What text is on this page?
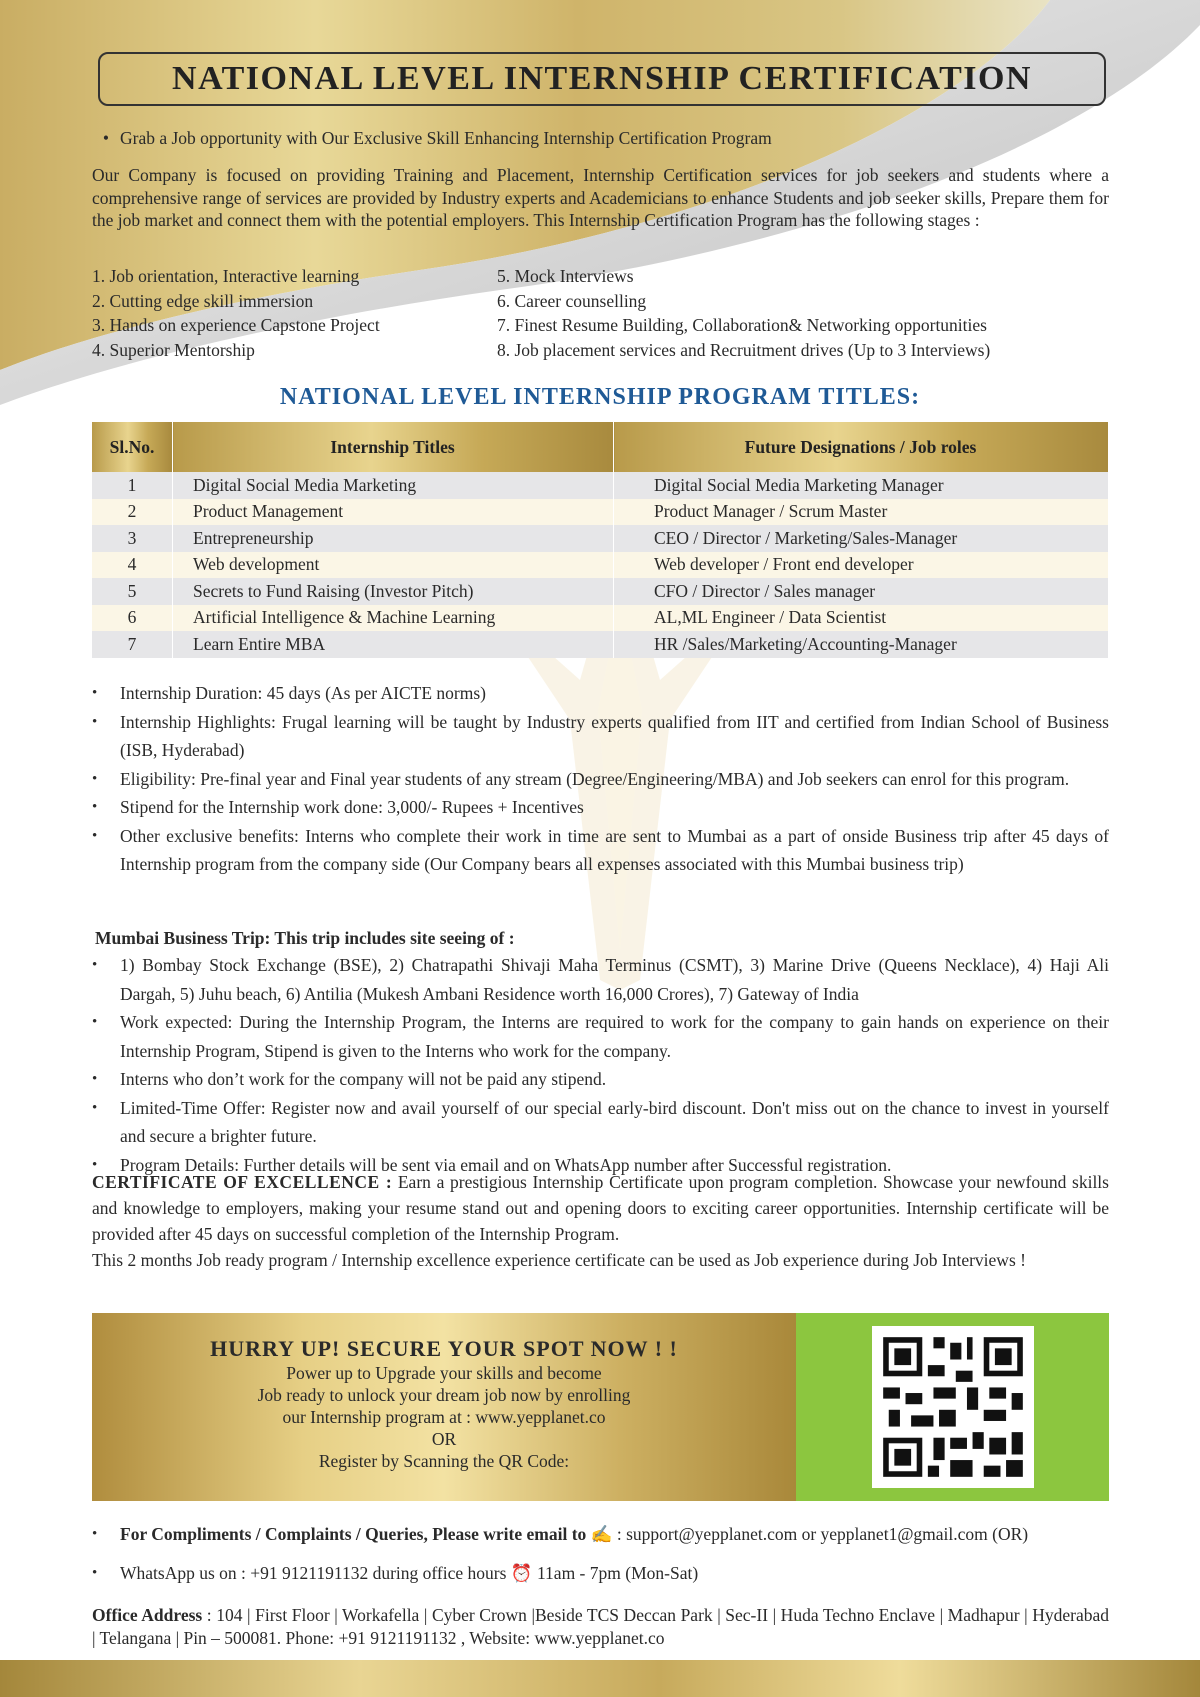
NATIONAL LEVEL INTERNSHIP CERTIFICATION
• Grab a Job opportunity with Our Exclusive Skill Enhancing Internship Certification Program
Our Company is focused on providing Training and Placement, Internship Certification services for job seekers and students where a comprehensive range of services are provided by Industry experts and Academicians to enhance Students and job seeker skills, Prepare them for the job market and connect them with the potential employers. This Internship Certification Program has the following stages :
1. Job orientation, Interactive learning
2. Cutting edge skill immersion
3. Hands on experience Capstone Project
4. Superior Mentorship
5. Mock Interviews
6. Career counselling
7. Finest Resume Building, Collaboration& Networking opportunities
8. Job placement services and Recruitment drives (Up to 3 Interviews)
NATIONAL LEVEL INTERNSHIP PROGRAM TITLES:
Sl.No.	Internship Titles	Future Designations / Job roles
1	Digital Social Media Marketing	Digital Social Media Marketing Manager
2	Product Management	Product Manager / Scrum Master
3	Entrepreneurship	CEO / Director / Marketing/Sales-Manager
4	Web development	Web developer / Front end developer
5	Secrets to Fund Raising (Investor Pitch)	CFO / Director / Sales manager
6	Artificial Intelligence & Machine Learning	AL,ML Engineer / Data Scientist
7	Learn Entire MBA	HR /Sales/Marketing/Accounting-Manager
• Internship Duration: 45 days (As per AICTE norms)
• Internship Highlights: Frugal learning will be taught by Industry experts qualified from IIT and certified from Indian School of Business (ISB, Hyderabad)
• Eligibility: Pre-final year and Final year students of any stream (Degree/Engineering/MBA) and Job seekers can enrol for this program.
• Stipend for the Internship work done: 3,000/- Rupees + Incentives
• Other exclusive benefits: Interns who complete their work in time are sent to Mumbai as a part of onside Business trip after 45 days of Internship program from the company side (Our Company bears all expenses associated with this Mumbai business trip)
Mumbai Business Trip: This trip includes site seeing of :
• 1) Bombay Stock Exchange (BSE), 2) Chatrapathi Shivaji Maha Terminus (CSMT), 3) Marine Drive (Queens Necklace), 4) Haji Ali Dargah, 5) Juhu beach, 6) Antilia (Mukesh Ambani Residence worth 16,000 Crores), 7) Gateway of India
• Work expected: During the Internship Program, the Interns are required to work for the company to gain hands on experience on their Internship Program, Stipend is given to the Interns who work for the company.
• Interns who don’t work for the company will not be paid any stipend.
• Limited-Time Offer: Register now and avail yourself of our special early-bird discount. Don't miss out on the chance to invest in yourself and secure a brighter future.
• Program Details: Further details will be sent via email and on WhatsApp number after Successful registration.

CERTIFICATE OF EXCELLENCE : Earn a prestigious Internship Certificate upon program completion. Showcase your newfound skills and knowledge to employers, making your resume stand out and opening doors to exciting career opportunities. Internship certificate will be provided after 45 days on successful completion of the Internship Program.

This 2 months Job ready program / Internship excellence experience certificate can be used as Job experience during Job Interviews !

HURRY UP! SECURE YOUR SPOT NOW ! !
Power up to Upgrade your skills and become
Job ready to unlock your dream job now by enrolling
our Internship program at : www.yepplanet.co
OR
Register by Scanning the QR Code:
• For Compliments / Complaints / Queries, Please write email to ✍ : support@yepplanet.com or yepplanet1@gmail.com (OR)
• WhatsApp us on : +91 9121191132 during office hours ⏰ 11am - 7pm (Mon-Sat)
Office Address : 104 | First Floor | Workafella | Cyber Crown |Beside TCS Deccan Park | Sec-II | Huda Techno Enclave | Madhapur | Hyderabad | Telangana | Pin – 500081. Phone: +91 9121191132 , Website: www.yepplanet.co
